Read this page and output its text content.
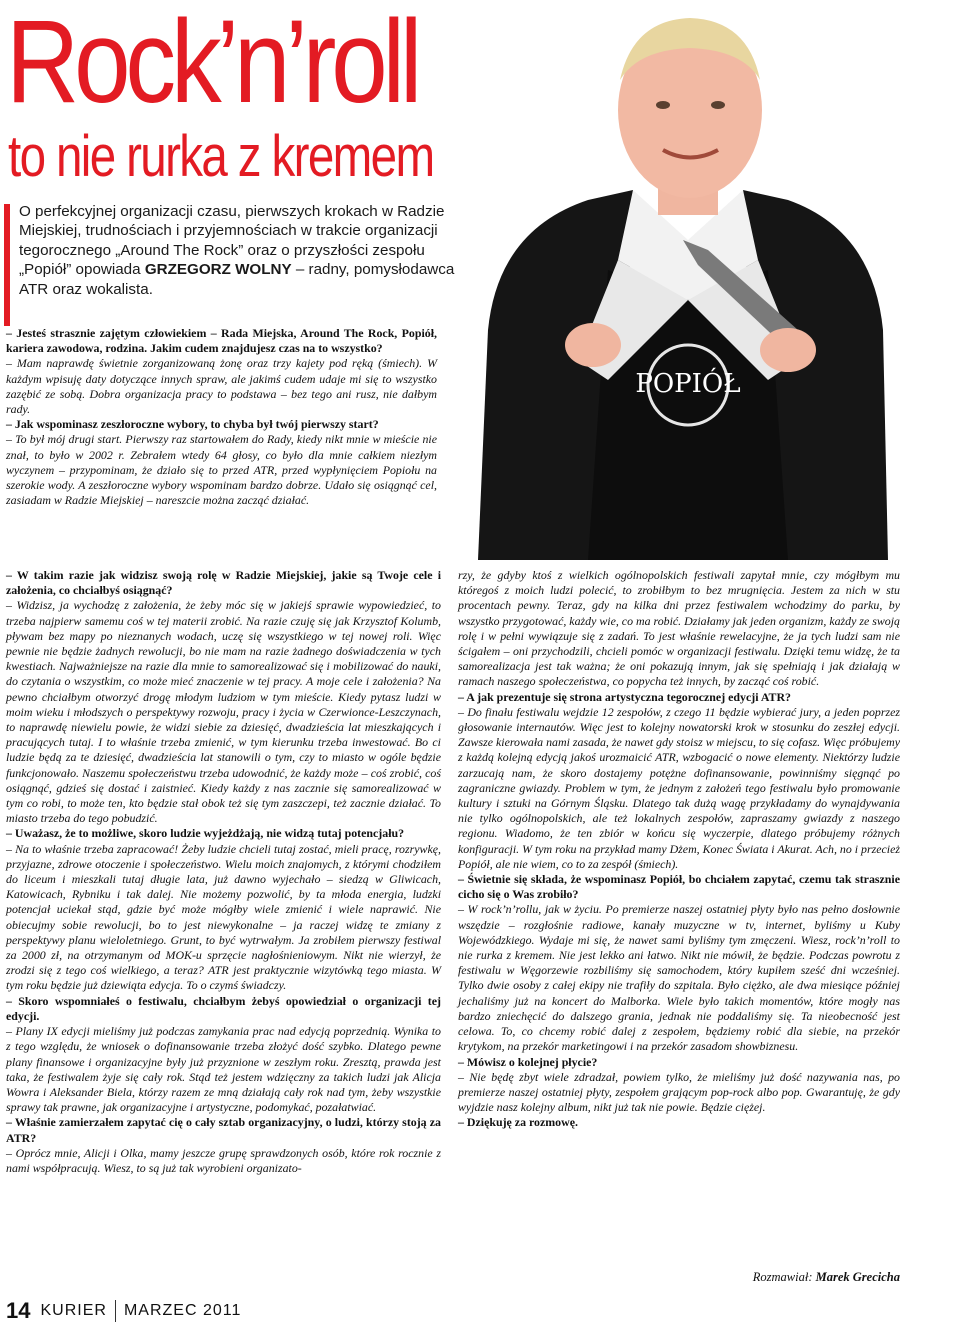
Rock’n’roll
to nie rurka z kremem

O perfekcyjnej organizacji czasu, pierwszych krokach w Radzie Miejskiej, trudnościach i przyjemnościach w trakcie organizacji tegorocznego „Around The Rock” oraz o przyszłości zespołu „Popiół” opowiada GRZEGORZ WOLNY – radny, pomysłodawca ATR oraz wokalista.

– Jesteś strasznie zajętym człowiekiem – Rada Miejska, Around The Rock, Popiół, kariera zawodowa, rodzina. Jakim cudem znajdujesz czas na to wszystko?

– Mam naprawdę świetnie zorganizowaną żonę oraz trzy kajety pod ręką (śmiech). W każdym wpisuję daty dotyczące innych spraw, ale jakimś cudem udaje mi się to wszystko zazębić ze sobą. Dobra organizacja pracy to podstawa – bez tego ani rusz, nie dałbym rady.

– Jak wspominasz zeszłoroczne wybory, to chyba był twój pierwszy start?

– To był mój drugi start. Pierwszy raz startowałem do Rady, kiedy nikt mnie w mieście nie znał, to było w 2002 r. Zebrałem wtedy 64 głosy, co było dla mnie całkiem niezłym wyczynem – przypominam, że działo się to przed ATR, przed wypłynięciem Popiołu na szerokie wody. A zeszłoroczne wybory wspominam bardzo dobrze. Udało się osiągnąć cel, zasiadam w Radzie Miejskiej – nareszcie można zacząć działać.

POPIÓŁ

– W takim razie jak widzisz swoją rolę w Radzie Miejskiej, jakie są Twoje cele i założenia, co chciałbyś osiągnąć?

– Widzisz, ja wychodzę z założenia, że żeby móc się w jakiejś sprawie wypowiedzieć, to trzeba najpierw samemu coś w tej materii zrobić. Na razie czuję się jak Krzysztof Kolumb, pływam bez mapy po nieznanych wodach, uczę się wszystkiego w tej nowej roli. Więc pewnie nie będzie żadnych rewolucji, bo nie mam na razie żadnego doświadczenia w tych kwestiach. Najważniejsze na razie dla mnie to samorealizować się i mobilizować do nauki, do czytania o wszystkim, co może mieć znaczenie w tej pracy. A moje cele i założenia? Na pewno chciałbym otworzyć drogę młodym ludziom w tym mieście. Kiedy pytasz ludzi w moim wieku i młodszych o perspektywy rozwoju, pracy i życia w Czerwionce-Leszczynach, to naprawdę niewielu powie, że widzi siebie za dziesięć, dwadzieścia lat mieszkających i pracujących tutaj. I to właśnie trzeba zmienić, w tym kierunku trzeba inwestować. Bo ci ludzie będą za te dziesięć, dwadzieścia lat stanowili o tym, czy to miasto w ogóle będzie funkcjonowało. Naszemu społeczeństwu trzeba udowodnić, że każdy może – coś zrobić, coś osiągnąć, gdzieś się dostać i zaistnieć. Kiedy każdy z nas zacznie się samorealizować w tym co robi, to może ten, kto będzie stał obok też się tym zaszczepi, też zacznie działać. To miasto trzeba do tego pobudzić.

– Uważasz, że to możliwe, skoro ludzie wyjeżdżają, nie widzą tutaj potencjału?

– Na to właśnie trzeba zapracować! Żeby ludzie chcieli tutaj zostać, mieli pracę, rozrywkę, przyjazne, zdrowe otoczenie i społeczeństwo. Wielu moich znajomych, z którymi chodziłem do liceum i mieszkali tutaj długie lata, już dawno wyjechało – siedzą w Gliwicach, Katowicach, Rybniku i tak dalej. Nie możemy pozwolić, by ta młoda energia, ludzki potencjał uciekał stąd, gdzie być może mógłby wiele zmienić i wiele naprawić. Nie obiecujmy sobie rewolucji, bo to jest niewykonalne – ja raczej widzę te zmiany z perspektywy planu wieloletniego. Grunt, to być wytrwałym. Ja zrobiłem pierwszy festiwal za 2000 zł, na otrzymanym od MOK-u sprzęcie nagłośnieniowym. Nikt nie wierzył, że zrodzi się z tego coś wielkiego, a teraz? ATR jest praktycznie wizytówką tego miasta. W tym roku będzie już dziewiąta edycja. To o czymś świadczy.

– Skoro wspomniałeś o festiwalu, chciałbym żebyś opowiedział o organizacji tej edycji.

– Plany IX edycji mieliśmy już podczas zamykania prac nad edycją poprzednią. Wynika to z tego względu, że wniosek o dofinansowanie trzeba złożyć dość szybko. Dlatego pewne plany finansowe i organizacyjne były już przyznione w zeszłym roku. Zresztą, prawda jest taka, że festiwalem żyje się cały rok. Stąd też jestem wdzięczny za takich ludzi jak Alicja Wowra i Aleksander Biela, którzy razem ze mną działają cały rok nad tym, żeby wszystkie sprawy tak prawne, jak organizacyjne i artystyczne, podomykać, pozałatwiać.

– Właśnie zamierzałem zapytać cię o cały sztab organizacyjny, o ludzi, którzy stoją za ATR?

– Oprócz mnie, Alicji i Olka, mamy jeszcze grupę sprawdzonych osób, które rok rocznie z nami współpracują. Wiesz, to są już tak wyrobieni organizato-

rzy, że gdyby ktoś z wielkich ogólnopolskich festiwali zapytał mnie, czy mógłbym mu któregoś z moich ludzi polecić, to zrobiłbym to bez mrugnięcia. Jestem za nich w stu procentach pewny. Teraz, gdy na kilka dni przez festiwalem wchodzimy do parku, by wszystko przygotować, każdy wie, co ma robić. Działamy jak jeden organizm, każdy ze swoją rolę i w pełni wywiązuje się z zadań. To jest właśnie rewelacyjne, że ja tych ludzi sam nie ścigałem – oni przychodzili, chcieli pomóc w organizacji festiwalu. Dzięki temu widzę, że ta samorealizacja jest tak ważna; że oni pokazują innym, jak się spełniają i jak działają w ramach naszego społeczeństwa, co popycha też innych, by zacząć coś robić.

– A jak prezentuje się strona artystyczna tegorocznej edycji ATR?

– Do finału festiwalu wejdzie 12 zespołów, z czego 11 będzie wybierać jury, a jeden poprzez głosowanie internautów. Więc jest to kolejny nowatorski krok w stosunku do zeszłej edycji. Zawsze kierowała nami zasada, że nawet gdy stoisz w miejscu, to się cofasz. Więc próbujemy z każdą kolejną edycją jakoś urozmaicić ATR, wzbogacić o nowe elementy. Niektórzy ludzie zarzucają nam, że skoro dostajemy potężne dofinansowanie, powinniśmy sięgnąć po zagraniczne gwiazdy. Problem w tym, że jednym z założeń tego festiwalu było promowanie kultury i sztuki na Górnym Śląsku. Dlatego tak dużą wagę przykładamy do wynajdywania nie tylko ogólnopolskich, ale też lokalnych zespołów, zapraszamy gwiazdy z naszego regionu. Wiadomo, że ten zbiór w końcu się wyczerpie, dlatego próbujemy różnych konfiguracji. W tym roku na przykład mamy Dżem, Konec Świata i Akurat. Ach, no i przecież Popiół, ale nie wiem, co to za zespół (śmiech).

– Świetnie się składa, że wspominasz Popiół, bo chciałem zapytać, czemu tak strasznie cicho się o Was zrobiło?

– W rock’n’rollu, jak w życiu. Po premierze naszej ostatniej płyty było nas pełno dosłownie wszędzie – rozgłośnie radiowe, kanały muzyczne w tv, internet, byliśmy u Kuby Wojewódzkiego. Wydaje mi się, że nawet sami byliśmy tym zmęczeni. Wiesz, rock’n’roll to nie rurka z kremem. Nie jest lekko ani łatwo. Nikt nie mówił, że będzie. Podczas powrotu z festiwalu w Węgorzewie rozbiliśmy się samochodem, który kupiłem sześć dni wcześniej. Tylko dwie osoby z całej ekipy nie trafiły do szpitala. Było ciężko, ale dwa miesiące później jechaliśmy już na koncert do Malborka. Wiele było takich momentów, które mogły nas bardzo zniechęcić do dalszego grania, jednak nie poddaliśmy się. Ta nieobecność jest celowa. To, co chcemy robić dalej z zespołem, będziemy robić dla siebie, na przekór krytykom, na przekór marketingowi i na przekór zasadom showbiznesu.

– Mówisz o kolejnej płycie?

– Nie będę zbyt wiele zdradzał, powiem tylko, że mieliśmy już dość nazywania nas, po premierze naszej ostatniej płyty, zespołem grającym pop-rock albo pop. Gwarantuję, że gdy wyjdzie nasz kolejny album, nikt już tak nie powie. Będzie ciężej.

– Dziękuję za rozmowę.

Rozmawiał: Marek Grecicha
14 KURIER MARZEC 2011
